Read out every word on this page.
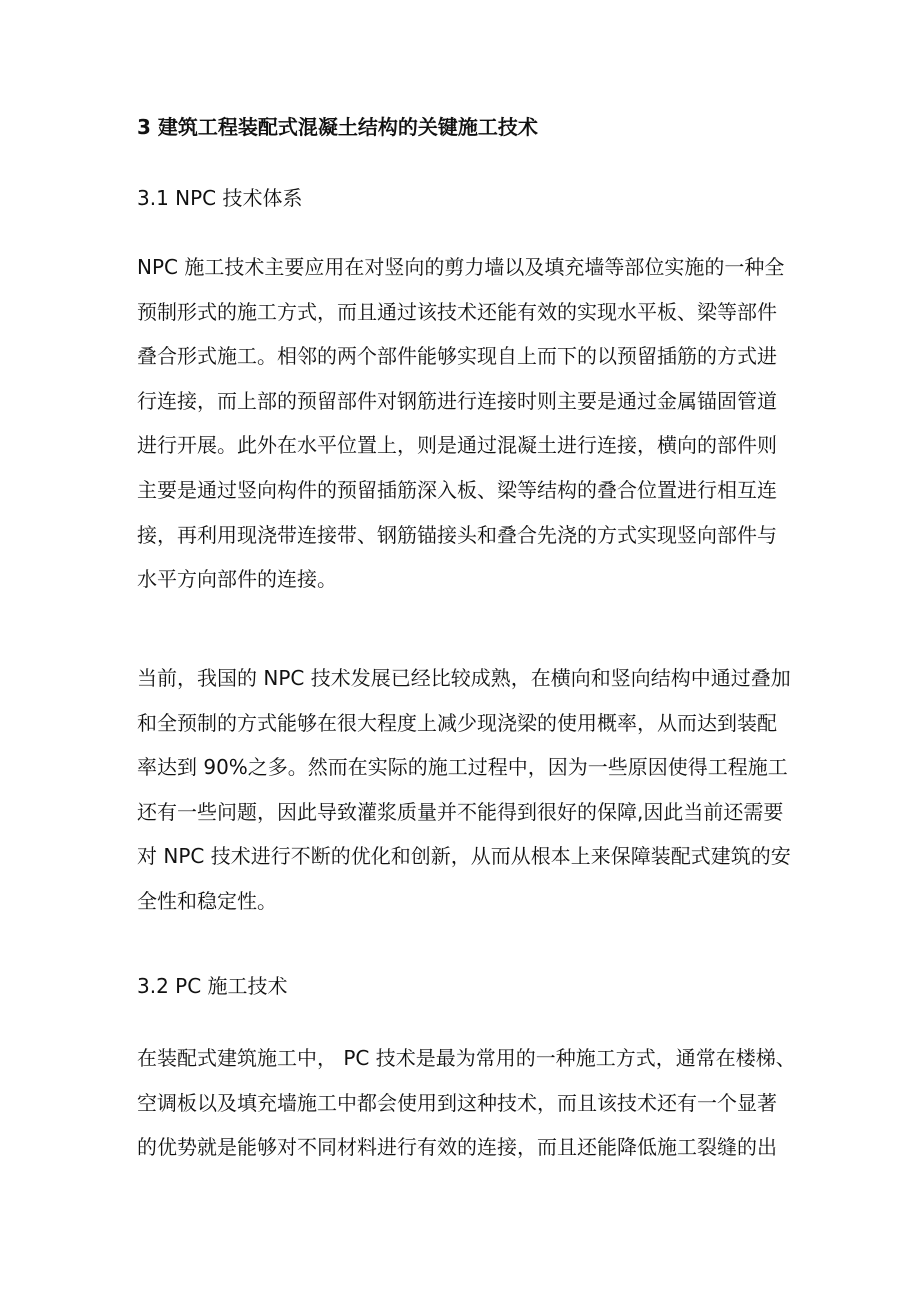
3 建筑工程装配式混凝土结构的关键施工技术
3.1 NPC 技术体系

NPC 施工技术主要应用在对竖向的剪力墙以及填充墙等部位实施的一种全
预制形式的施工方式，而且通过该技术还能有效的实现水平板、梁等部件
叠合形式施工。相邻的两个部件能够实现自上而下的以预留插筋的方式进
行连接，而上部的预留部件对钢筋进行连接时则主要是通过金属锚固管道
进行开展。此外在水平位置上，则是通过混凝土进行连接，横向的部件则
主要是通过竖向构件的预留插筋深入板、梁等结构的叠合位置进行相互连
接，再利用现浇带连接带、钢筋锚接头和叠合先浇的方式实现竖向部件与
水平方向部件的连接。

当前，我国的 NPC 技术发展已经比较成熟，在横向和竖向结构中通过叠加
和全预制的方式能够在很大程度上减少现浇梁的使用概率，从而达到装配
率达到 90%之多。然而在实际的施工过程中，因为一些原因使得工程施工
还有一些问题，因此导致灌浆质量并不能得到很好的保障,因此当前还需要
对 NPC 技术进行不断的优化和创新，从而从根本上来保障装配式建筑的安
全性和稳定性。

3.2 PC 施工技术

在装配式建筑施工中， PC 技术是最为常用的一种施工方式，通常在楼梯、
空调板以及填充墙施工中都会使用到这种技术，而且该技术还有一个显著
的优势就是能够对不同材料进行有效的连接，而且还能降低施工裂缝的出
